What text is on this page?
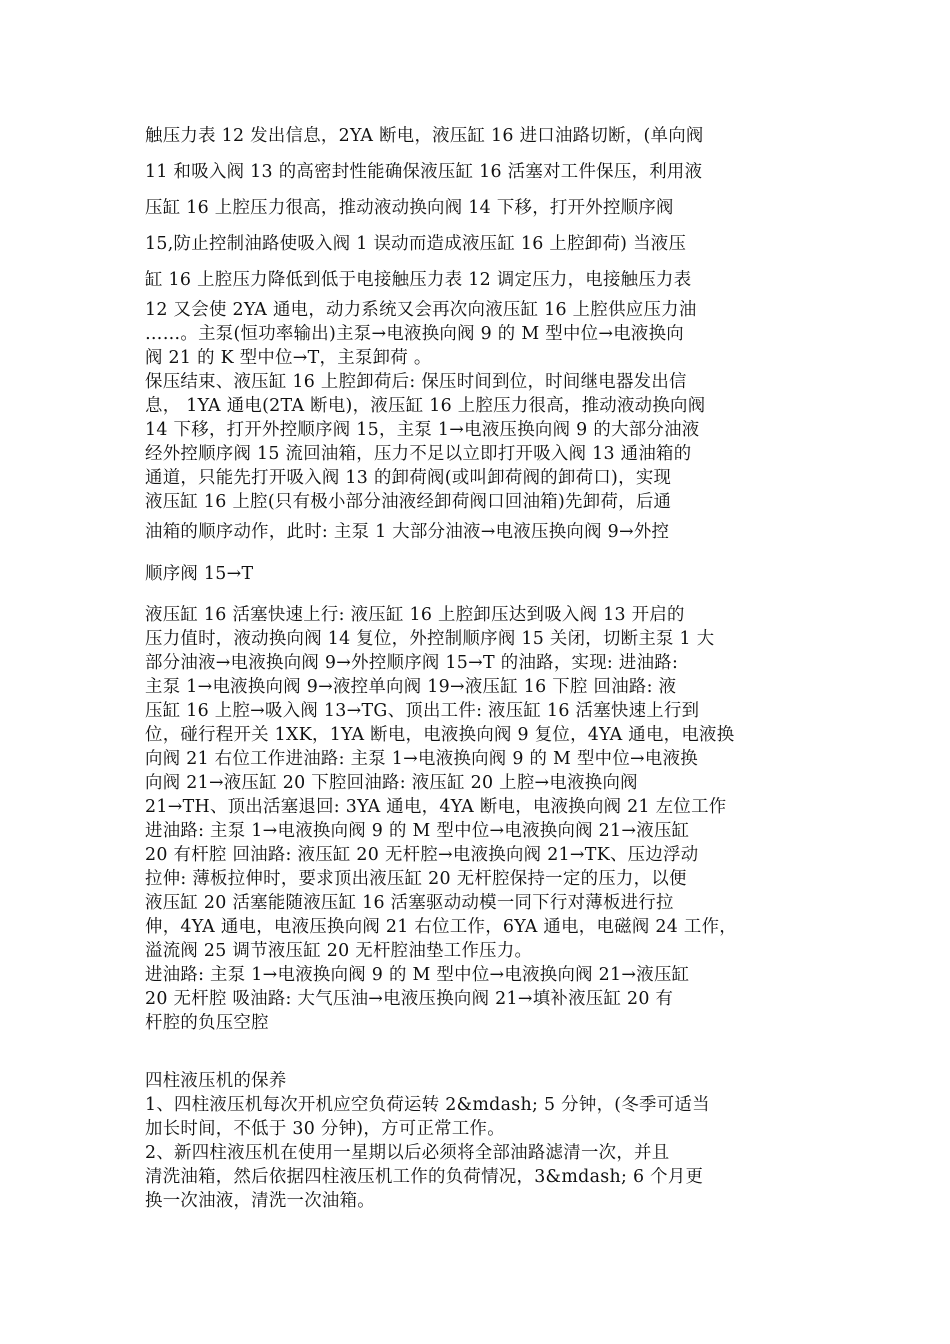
触压力表 12 发出信息，2YA 断电，液压缸 16 进口油路切断，(单向阀

11 和吸入阀 13 的高密封性能确保液压缸 16 活塞对工件保压，利用液

压缸 16 上腔压力很高，推动液动换向阀 14 下移，打开外控顺序阀

15,防止控制油路使吸入阀 1 误动而造成液压缸 16 上腔卸荷) 当液压

缸 16 上腔压力降低到低于电接触压力表 12 调定压力，电接触压力表

12 又会使 2YA 通电，动力系统又会再次向液压缸 16 上腔供应压力油

……。主泵(恒功率输出)主泵→电液换向阀 9 的 M 型中位→电液换向

阀 21 的 K 型中位→T，主泵卸荷 。

保压结束、液压缸 16 上腔卸荷后: 保压时间到位，时间继电器发出信

息， 1YA 通电(2TA 断电)，液压缸 16 上腔压力很高，推动液动换向阀

14 下移，打开外控顺序阀 15，主泵 1→电液压换向阀 9 的大部分油液

经外控顺序阀 15 流回油箱，压力不足以立即打开吸入阀 13 通油箱的

通道，只能先打开吸入阀 13 的卸荷阀(或叫卸荷阀的卸荷口)，实现

液压缸 16 上腔(只有极小部分油液经卸荷阀口回油箱)先卸荷，后通

油箱的顺序动作，此时: 主泵 1 大部分油液→电液压换向阀 9→外控

顺序阀 15→T

液压缸 16 活塞快速上行: 液压缸 16 上腔卸压达到吸入阀 13 开启的

压力值时，液动换向阀 14 复位，外控制顺序阀 15 关闭，切断主泵 1 大

部分油液→电液换向阀 9→外控顺序阀 15→T 的油路，实现: 进油路:

主泵 1→电液换向阀 9→液控单向阀 19→液压缸 16 下腔 回油路: 液

压缸 16 上腔→吸入阀 13→TG、顶出工件: 液压缸 16 活塞快速上行到

位，碰行程开关 1XK，1YA 断电，电液换向阀 9 复位，4YA 通电，电液换

向阀 21 右位工作进油路: 主泵 1→电液换向阀 9 的 M 型中位→电液换

向阀 21→液压缸 20 下腔回油路: 液压缸 20 上腔→电液换向阀

21→TH、顶出活塞退回: 3YA 通电，4YA 断电，电液换向阀 21 左位工作

进油路: 主泵 1→电液换向阀 9 的 M 型中位→电液换向阀 21→液压缸

20 有杆腔 回油路: 液压缸 20 无杆腔→电液换向阀 21→TK、压边浮动

拉伸: 薄板拉伸时，要求顶出液压缸 20 无杆腔保持一定的压力，以便

液压缸 20 活塞能随液压缸 16 活塞驱动动模一同下行对薄板进行拉

伸，4YA 通电，电液压换向阀 21 右位工作，6YA 通电，电磁阀 24 工作，

溢流阀 25 调节液压缸 20 无杆腔油垫工作压力。

进油路: 主泵 1→电液换向阀 9 的 M 型中位→电液换向阀 21→液压缸

20 无杆腔 吸油路: 大气压油→电液压换向阀 21→填补液压缸 20 有

杆腔的负压空腔

四柱液压机的保养

1、四柱液压机每次开机应空负荷运转 2&mdash; 5 分钟，(冬季可适当

加长时间，不低于 30 分钟)，方可正常工作。

2、新四柱液压机在使用一星期以后必须将全部油路滤清一次，并且

清洗油箱，然后依据四柱液压机工作的负荷情况，3&mdash; 6 个月更

换一次油液，清洗一次油箱。
